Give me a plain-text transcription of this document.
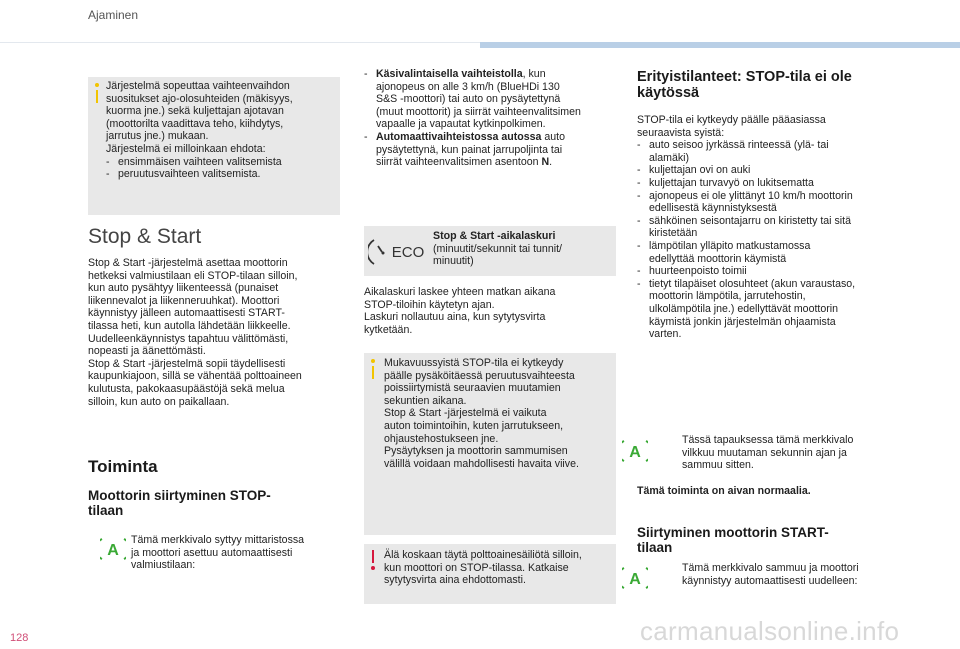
Ajaminen

Järjestelmä sopeuttaa vaihteenvaihdon

suositukset ajo-olosuhteiden (mäkisyys,

kuorma jne.) sekä kuljettajan ajotavan

(moottorilta vaadittava teho, kiihdytys,

jarrutus jne.) mukaan.

Järjestelmä ei milloinkaan ehdota:

- ensimmäisen vaihteen valitsemista
- peruutusvaihteen valitsemista.
Stop & Start

Stop & Start -järjestelmä asettaa moottorin

hetkeksi valmiustilaan eli STOP-tilaan silloin,

kun auto pysähtyy liikenteessä (punaiset

liikennevalot ja liikenneruuhkat). Moottori

käynnistyy jälleen automaattisesti START-

tilassa heti, kun autolla lähdetään liikkeelle.

Uudelleenkäynnistys tapahtuu välittömästi,

nopeasti ja äänettömästi.

Stop & Start -järjestelmä sopii täydellisesti

kaupunkiajoon, sillä se vähentää polttoaineen

kulutusta, pakokaasupäästöjä sekä melua

silloin, kun auto on paikallaan.

Toiminta
Moottorin siirtyminen STOP-
tilaan
A

Tämä merkkivalo syttyy mittaristossa

ja moottori asettuu automaattisesti

valmiustilaan:

- Käsivalintaisella vaihteistolla, kun
ajonopeus on alle 3 km/h (BlueHDi 130
S&S -moottori) tai auto on pysäytettynä
(muut moottorit) ja siirrät vaihteenvalitsimen
vapaalle ja vapautat kytkinpolkimen.
- Automaattivaihteistossa autossa auto
pysäytettynä, kun painat jarrupoljinta tai
siirrät vaihteenvalitsimen asentoon N.
ECO

Stop & Start -aikalaskuri

(minuutit/sekunnit tai tunnit/

minuutit)

Aikalaskuri laskee yhteen matkan aikana

STOP-tiloihin käytetyn ajan.

Laskuri nollautuu aina, kun sytytysvirta

kytketään.

Mukavuussyistä STOP-tila ei kytkeydy

päälle pysäköitäessä peruutusvaihteesta

poissiirtymistä seuraavien muutamien

sekuntien aikana.

Stop & Start -järjestelmä ei vaikuta

auton toimintoihin, kuten jarrutukseen,

ohjaustehostukseen jne.

Pysäytyksen ja moottorin sammumisen

välillä voidaan mahdollisesti havaita viive.

Älä koskaan täytä polttoainesäiliötä silloin,

kun moottori on STOP-tilassa. Katkaise

sytytysvirta aina ehdottomasti.

Erityistilanteet: STOP-tila ei ole
käytössä

STOP-tila ei kytkeydy päälle pääasiassa

seuraavista syistä:

- auto seisoo jyrkässä rinteessä (ylä- tai
alamäki)
- kuljettajan ovi on auki
- kuljettajan turvavyö on lukitsematta
- ajonopeus ei ole ylittänyt 10 km/h moottorin
edellisestä käynnistyksestä
- sähköinen seisontajarru on kiristetty tai sitä
kiristetään
- lämpötilan ylläpito matkustamossa
edellyttää moottorin käymistä
- huurteenpoisto toimii
- tietyt tilapäiset olosuhteet (akun varaustaso,
moottorin lämpötila, jarrutehostin,
ulkolämpötila jne.) edellyttävät moottorin
käymistä jonkin järjestelmän ohjaamista
varten.
A

Tässä tapauksessa tämä merkkivalo

vilkkuu muutaman sekunnin ajan ja

sammuu sitten.

Tämä toiminta on aivan normaalia.
Siirtyminen moottorin START-
tilaan
A

Tämä merkkivalo sammuu ja moottori

käynnistyy automaattisesti uudelleen:

128	carmanualsonline.info
